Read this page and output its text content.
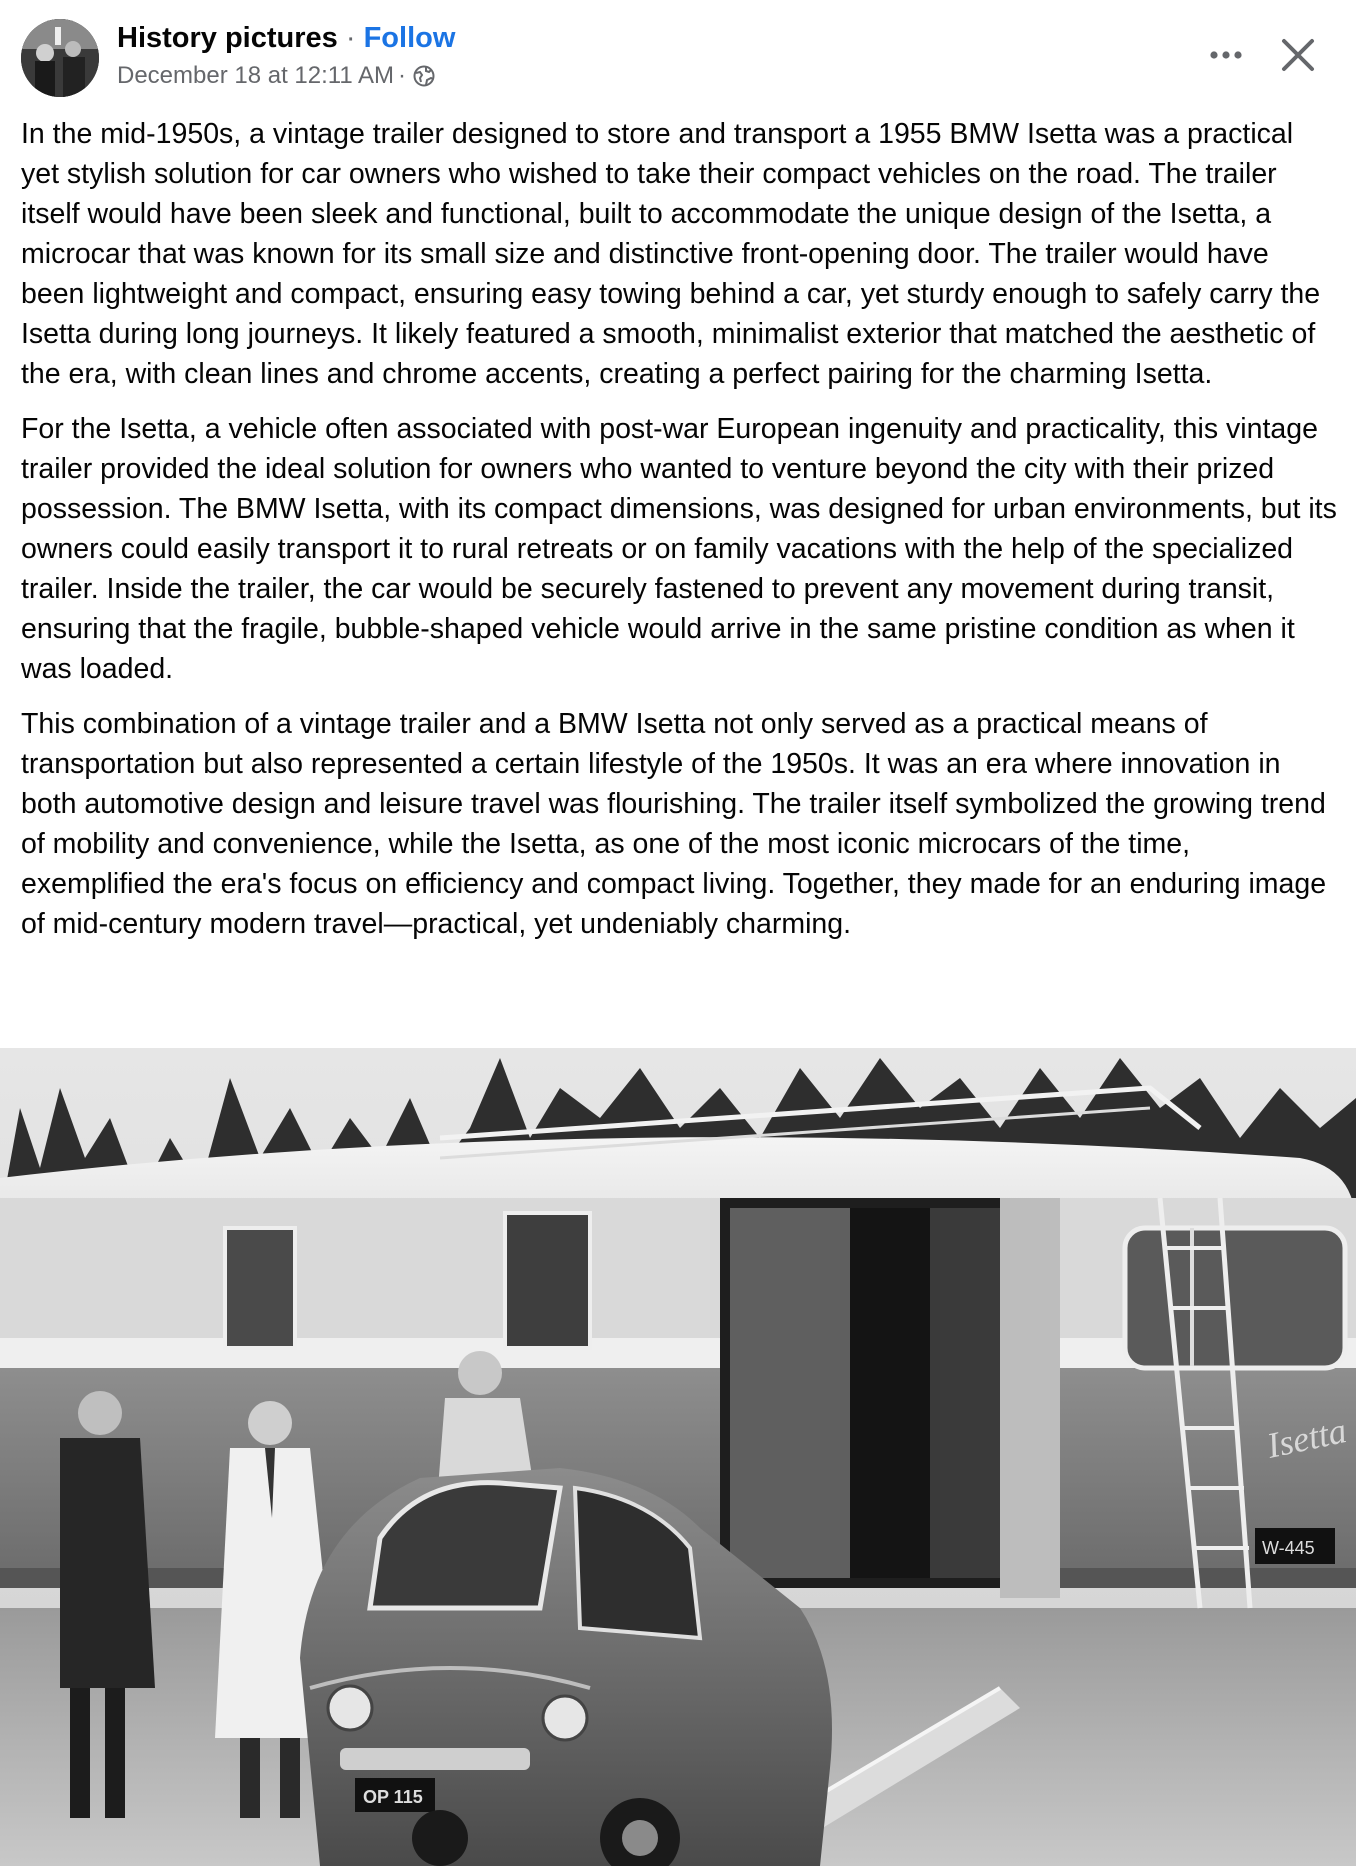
History pictures · Follow
December 18 at 12:11 AM ·

In the mid-1950s, a vintage trailer designed to store and transport a 1955 BMW Isetta was a practical yet stylish solution for car owners who wished to take their compact vehicles on the road. The trailer itself would have been sleek and functional, built to accommodate the unique design of the Isetta, a microcar that was known for its small size and distinctive front-opening door. The trailer would have been lightweight and compact, ensuring easy towing behind a car, yet sturdy enough to safely carry the Isetta during long journeys. It likely featured a smooth, minimalist exterior that matched the aesthetic of the era, with clean lines and chrome accents, creating a perfect pairing for the charming Isetta.

For the Isetta, a vehicle often associated with post-war European ingenuity and practicality, this vintage trailer provided the ideal solution for owners who wanted to venture beyond the city with their prized possession. The BMW Isetta, with its compact dimensions, was designed for urban environments, but its owners could easily transport it to rural retreats or on family vacations with the help of the specialized trailer. Inside the trailer, the car would be securely fastened to prevent any movement during transit, ensuring that the fragile, bubble-shaped vehicle would arrive in the same pristine condition as when it was loaded.

This combination of a vintage trailer and a BMW Isetta not only served as a practical means of transportation but also represented a certain lifestyle of the 1950s. It was an era where innovation in both automotive design and leisure travel was flourishing. The trailer itself symbolized the growing trend of mobility and convenience, while the Isetta, as one of the most iconic microcars of the time, exemplified the era's focus on efficiency and compact living. Together, they made for an enduring image of mid-century modern travel—practical, yet undeniably charming.

Isetta
W-445
OP 115
